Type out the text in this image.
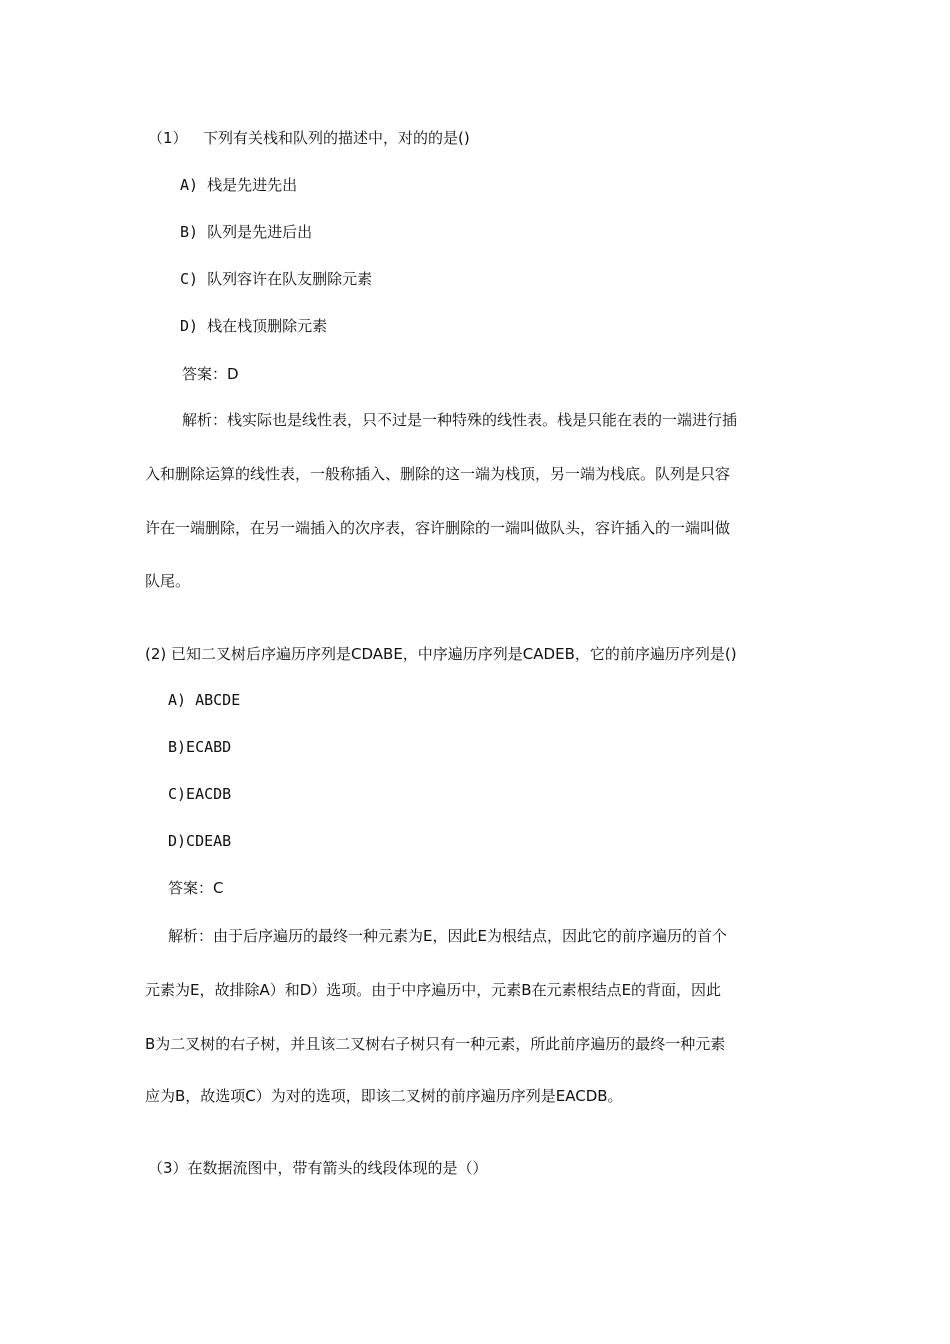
（1） 下列有关栈和队列的描述中，对的的是()
A) 栈是先进先出
B) 队列是先进后出
C) 队列容许在队友删除元素
D) 栈在栈顶删除元素
答案：D
解析：栈实际也是线性表，只不过是一种特殊的线性表。栈是只能在表的一端进行插
入和删除运算的线性表，一般称插入、删除的这一端为栈顶，另一端为栈底。队列是只容
许在一端删除，在另一端插入的次序表，容许删除的一端叫做队头，容许插入的一端叫做
队尾。
(2) 已知二叉树后序遍历序列是CDABE，中序遍历序列是CADEB，它的前序遍历序列是()
A) ABCDE
B)ECABD
C)EACDB
D)CDEAB
答案：C
解析：由于后序遍历的最终一种元素为E，因此E为根结点，因此它的前序遍历的首个
元素为E，故排除A）和D）选项。由于中序遍历中，元素B在元素根结点E的背面，因此
B为二叉树的右子树，并且该二叉树右子树只有一种元素，所此前序遍历的最终一种元素
应为B，故选项C）为对的选项，即该二叉树的前序遍历序列是EACDB。
（3）在数据流图中，带有箭头的线段体现的是（）
